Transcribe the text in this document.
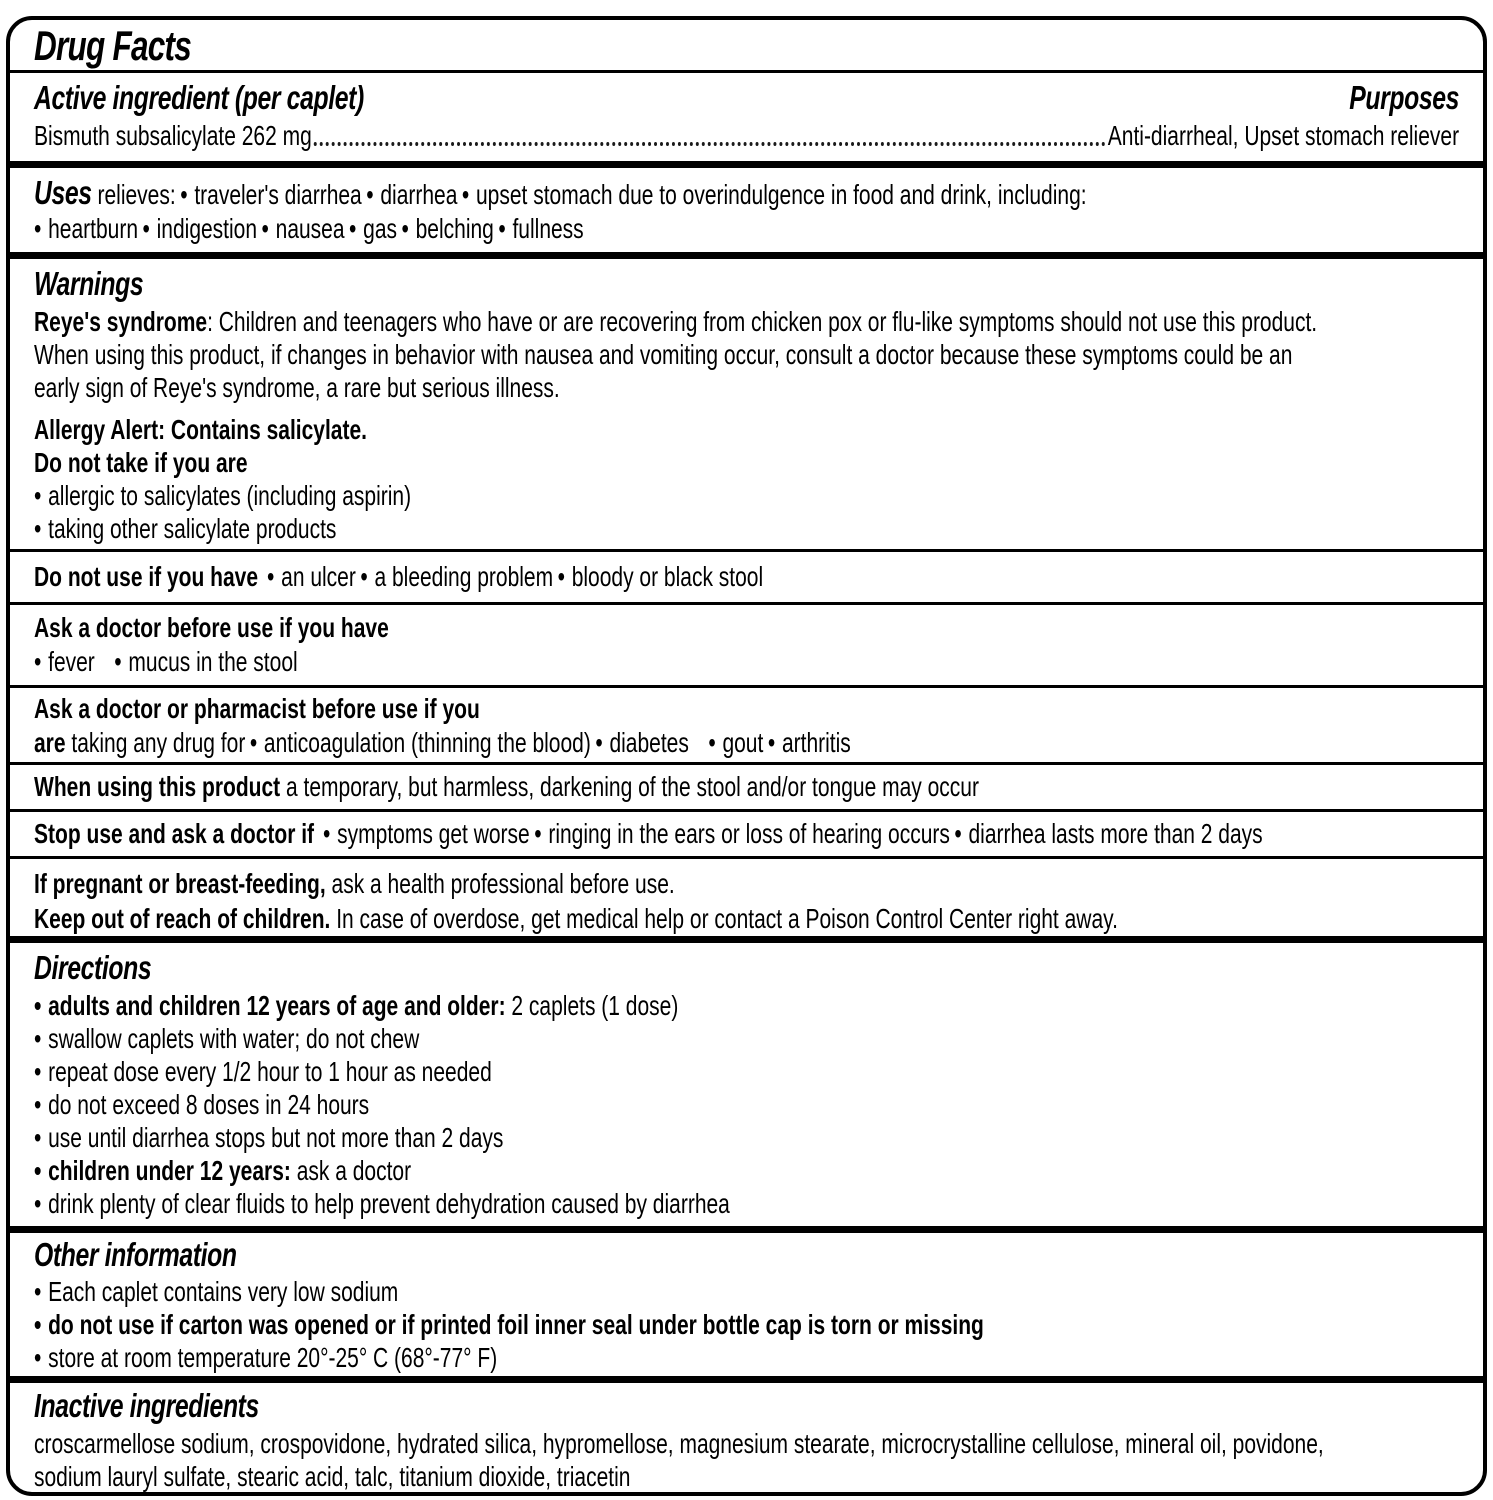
Drug Facts
Active ingredient (per caplet)	Purposes
Bismuth subsalicylate 262 mg	Anti-diarrheal, Upset stomach reliever
Uses relieves: • traveler's diarrhea • diarrhea • upset stomach due to overindulgence in food and drink, including:
•heartburn • indigestion • nausea • gas • belching • fullness
Warnings
Reye's syndrome: Children and teenagers who have or are recovering from chicken pox or flu-like symptoms should not use this product.
When using this product, if changes in behavior with nausea and vomiting occur, consult a doctor because these symptoms could be an
early sign of Reye's syndrome, a rare but serious illness.
Allergy Alert: Contains salicylate.
Do not take if you are
•allergic to salicylates (including aspirin)
•taking other salicylate products
Do not use if you have • an ulcer • a bleeding problem • bloody or black stool
Ask a doctor before use if you have
•fever • mucus in the stool
Ask a doctor or pharmacist before use if you
are taking any drug for • anticoagulation (thinning the blood) • diabetes • gout • arthritis
When using this product a temporary, but harmless, darkening of the stool and/or tongue may occur
Stop use and ask a doctor if • symptoms get worse • ringing in the ears or loss of hearing occurs • diarrhea lasts more than 2 days
If pregnant or breast-feeding, ask a health professional before use.
Keep out of reach of children. In case of overdose, get medical help or contact a Poison Control Center right away.
Directions
•adults and children 12 years of age and older: 2 caplets (1 dose)
•swallow caplets with water; do not chew
•repeat dose every 1/2 hour to 1 hour as needed
•do not exceed 8 doses in 24 hours
•use until diarrhea stops but not more than 2 days
•children under 12 years: ask a doctor
•drink plenty of clear fluids to help prevent dehydration caused by diarrhea
Other information
•Each caplet contains very low sodium
•do not use if carton was opened or if printed foil inner seal under bottle cap is torn or missing
•store at room temperature 20°-25° C (68°-77° F)
Inactive ingredients
croscarmellose sodium, crospovidone, hydrated silica, hypromellose, magnesium stearate, microcrystalline cellulose, mineral oil, povidone,
sodium lauryl sulfate, stearic acid, talc, titanium dioxide, triacetin
